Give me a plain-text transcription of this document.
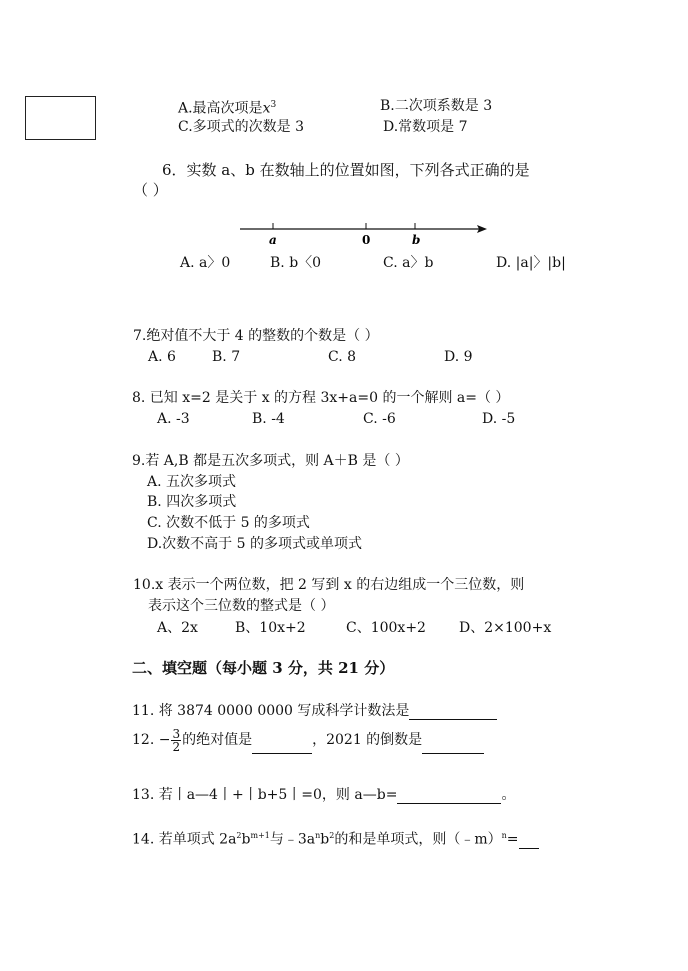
A.最高次项是$x^3$	B.二次项系数是 3
C.多项式的次数是 3	D.常数项是 7
6．实数 a、b 在数轴上的位置如图，下列各式正确的是
（ ）
a	0	b
A. a〉0	B. b〈0	C. a〉b	D. |a|〉|b|
7.绝对值不大于 4 的整数的个数是（ ）
A. 6	B. 7	C. 8	D. 9
8. 已知 x=2 是关于 x 的方程 3x+a=0 的一个解则 a=（ ）
A. -3	B. -4	C. -6	D. -5
9.若 A,B 都是五次多项式，则 A＋B 是（ ）
A. 五次多项式
B. 四次多项式
C. 次数不低于 5 的多项式
D.次数不高于 5 的多项式或单项式
10.x 表示一个两位数，把 2 写到 x 的右边组成一个三位数，则
表示这个三位数的整式是（ ）
A、2x	B、10x+2	C、100x+2 D、2×100+x
二、填空题（每小题 3 分，共 21 分）
11. 将 3874 0000 0000 写成科学计数法是
12. − $\frac{3}{2}$ 的绝对值是	，2021 的倒数是
13. 若丨a—4丨+丨b+5丨=0，则 a—b=	。
14. 若单项式 $2a^2b^{m+1}$与$﹣3a^nb^2$的和是单项式，则（﹣m）$^n$=
